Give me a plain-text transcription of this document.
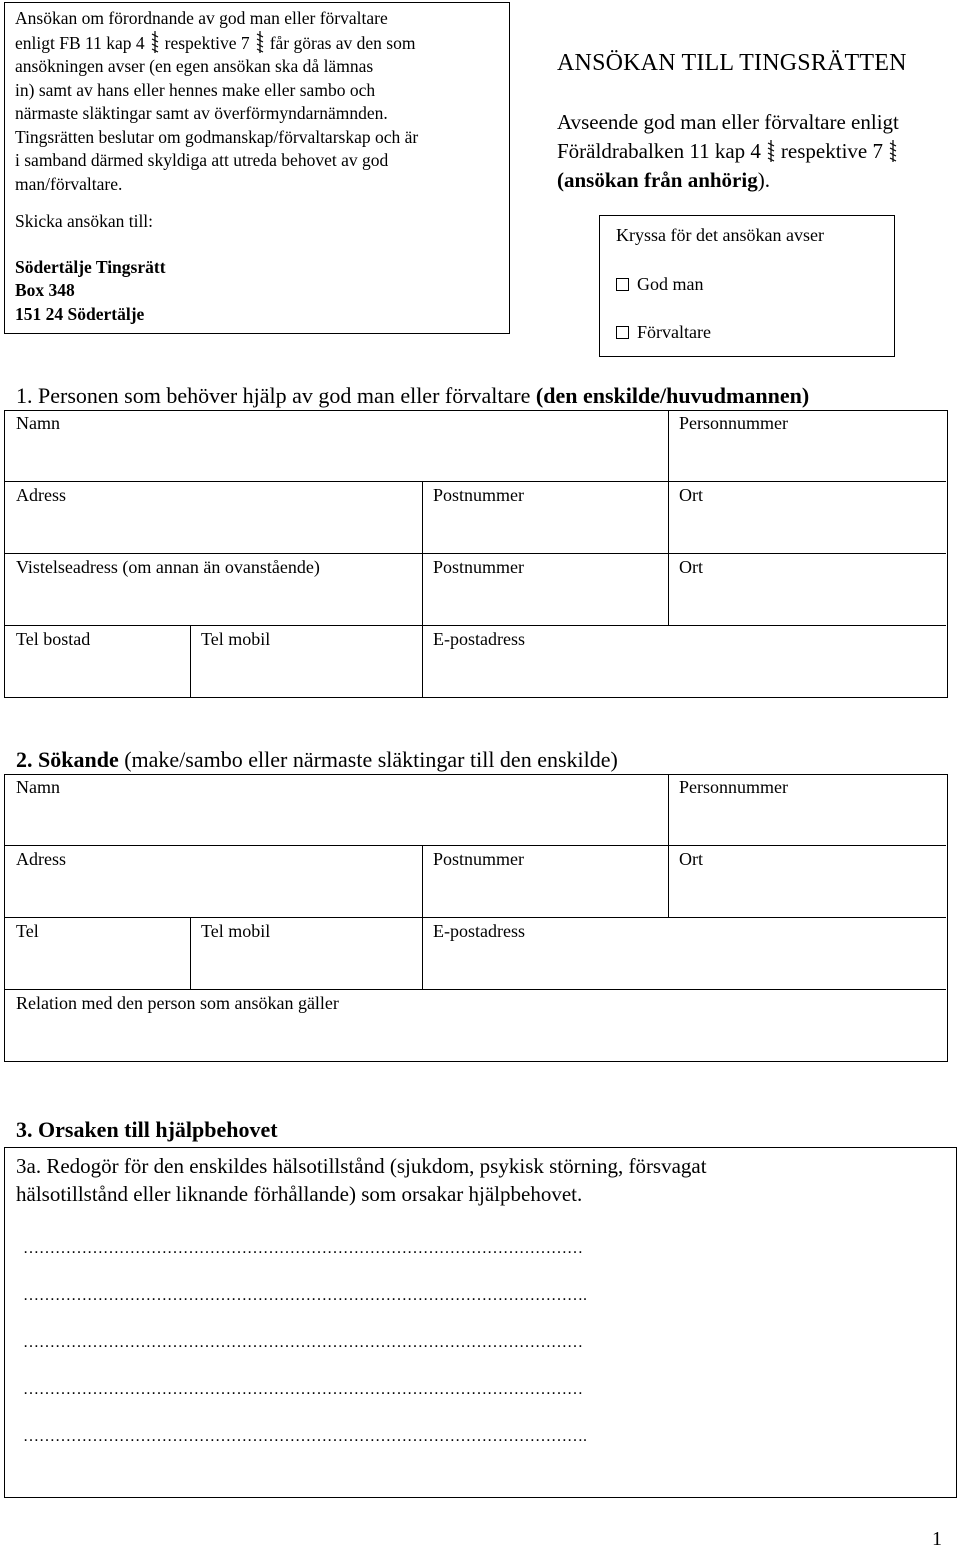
Ansökan om förordnande av god man eller förvaltare

enligt FB 11 kap 4 respektive 7 får göras av den som

ansökningen avser (en egen ansökan ska då lämnas

in) samt av hans eller hennes make eller sambo och

närmaste släktingar samt av överförmyndarnämnden.

Tingsrätten beslutar om godmanskap/förvaltarskap och är

i samband därmed skyldiga att utreda behovet av god

man/förvaltare.

Skicka ansökan till:

Södertälje Tingsrätt

Box 348

151 24 Södertälje

ANSÖKAN TILL TINGSRÄTTEN
Avseende god man eller förvaltare enligt
Föräldrabalken 11 kap 4 respektive 7
(ansökan från anhörig).
Kryssa för det ansökan avser
God man
Förvaltare
1. Personen som behöver hjälp av god man eller förvaltare (den enskilde/huvudmannen)
Namn	Personnummer
Adress	Postnummer	Ort
Vistelseadress (om annan än ovanstående)	Postnummer	Ort
Tel bostad	Tel mobil	E-postadress
2. Sökande (make/sambo eller närmaste släktingar till den enskilde)
Namn	Personnummer
Adress	Postnummer	Ort
Tel	Tel mobil	E-postadress
Relation med den person som ansökan gäller
3. Orsaken till hjälpbehovet
3a. Redogör för den enskildes hälsotillstånd (sjukdom, psykisk störning, försvagat
hälsotillstånd eller liknande förhållande) som orsakar hjälpbehovet.
……………………………………………………………………………………………
…………………………………………………………………………………………….
……………………………………………………………………………………………
……………………………………………………………………………………………
…………………………………………………………………………………………….
1
